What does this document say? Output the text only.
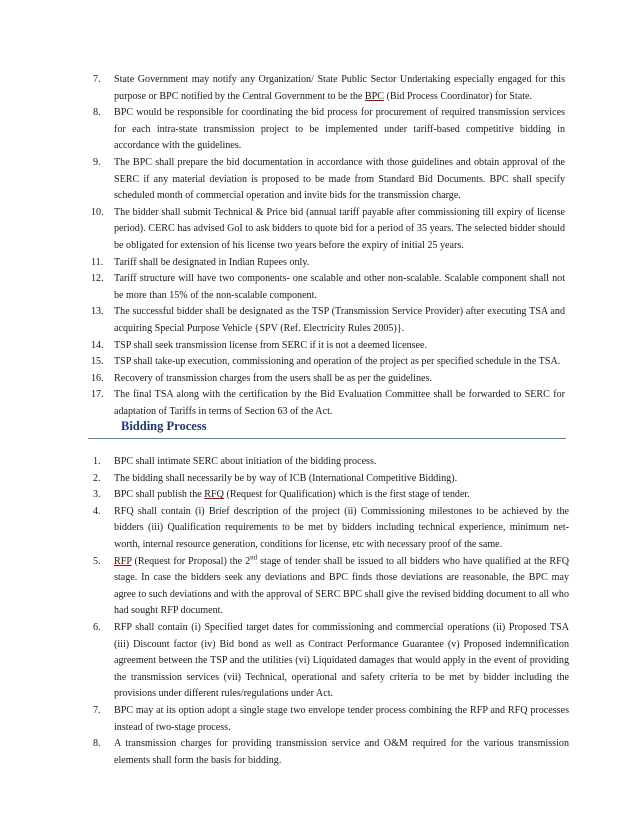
7. State Government may notify any Organization/ State Public Sector Undertaking especially engaged for this purpose or BPC notified by the Central Government to be the BPC (Bid Process Coordinator) for State.
8. BPC would be responsible for coordinating the bid process for procurement of required transmission services for each intra-state transmission project to be implemented under tariff-based competitive bidding in accordance with the guidelines.
9. The BPC shall prepare the bid documentation in accordance with those guidelines and obtain approval of the SERC if any material deviation is proposed to be made from Standard Bid Documents. BPC shall specify scheduled month of commercial operation and invite bids for the transmission charge.
10. The bidder shall submit Technical & Price bid (annual tariff payable after commissioning till expiry of license period). CERC has advised GoI to ask bidders to quote bid for a period of 35 years. The selected bidder should be obligated for extension of his license two years before the expiry of initial 25 years.
11. Tariff shall be designated in Indian Rupees only.
12. Tariff structure will have two components- one scalable and other non-scalable. Scalable component shall not be more than 15% of the non-scalable component.
13. The successful bidder shall be designated as the TSP (Transmission Service Provider) after executing TSA and acquiring Special Purpose Vehicle {SPV (Ref. Electricity Rules 2005)}.
14. TSP shall seek transmission license from SERC if it is not a deemed licensee.
15. TSP shall take-up execution, commissioning and operation of the project as per specified schedule in the TSA.
16. Recovery of transmission charges from the users shall be as per the guidelines.
17. The final TSA along with the certification by the Bid Evaluation Committee shall be forwarded to SERC for adaptation of Tariffs in terms of Section 63 of the Act.
Bidding Process
1. BPC shall intimate SERC about initiation of the bidding process.
2. The bidding shall necessarily be by way of ICB (International Competitive Bidding).
3. BPC shall publish the RFQ (Request for Qualification) which is the first stage of tender.
4. RFQ shall contain (i) Brief description of the project (ii) Commissioning milestones to be achieved by the bidders (iii) Qualification requirements to be met by bidders including technical experience, minimum net-worth, internal resource generation, conditions for license, etc with necessary proof of the same.
5. RFP (Request for Proposal) the 2nd stage of tender shall be issued to all bidders who have qualified at the RFQ stage. In case the bidders seek any deviations and BPC finds those deviations are reasonable, the BPC may agree to such deviations and with the approval of SERC BPC shall give the revised bidding document to all who had sought RFP document.
6. RFP shall contain (i) Specified target dates for commissioning and commercial operations (ii) Proposed TSA (iii) Discount factor (iv) Bid bond as well as Contract Performance Guarantee (v) Proposed indemnification agreement between the TSP and the utilities (vi) Liquidated damages that would apply in the event of providing the transmission services (vii) Technical, operational and safety criteria to be met by bidder including the provisions under different rules/regulations under Act.
7. BPC may at its option adopt a single stage two envelope tender process combining the RFP and RFQ processes instead of two-stage process.
8. A transmission charges for providing transmission service and O&M required for the various transmission elements shall form the basis for bidding.
